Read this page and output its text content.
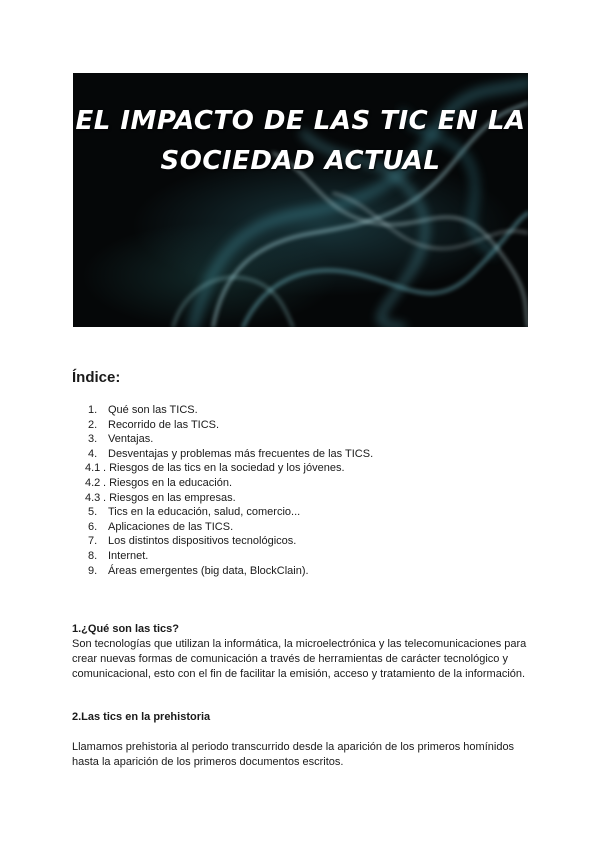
EL IMPACTO DE LAS TIC EN LA
SOCIEDAD ACTUAL
Índice:
1. Qué son las TICS.
2. Recorrido de las TICS.
3. Ventajas.
4. Desventajas y problemas más frecuentes de las TICS.
4.1 . Riesgos de las tics en la sociedad y los jóvenes.
4.2 . Riesgos en la educación.
4.3 . Riesgos en las empresas.
5. Tics en la educación, salud, comercio...
6. Aplicaciones de las TICS.
7. Los distintos dispositivos tecnológicos.
8. Internet.
9. Áreas emergentes (big data, BlockClain).
1.¿Qué son las tics?

Son tecnologías que utilizan la informática, la microelectrónica y las telecomunicaciones para crear nuevas formas de comunicación a través de herramientas de carácter tecnológico y comunicacional, esto con el fin de facilitar la emisión, acceso y tratamiento de la información.

2.Las tics en la prehistoria

Llamamos prehistoria al periodo transcurrido desde la aparición de los primeros homínidos hasta la aparición de los primeros documentos escritos.
